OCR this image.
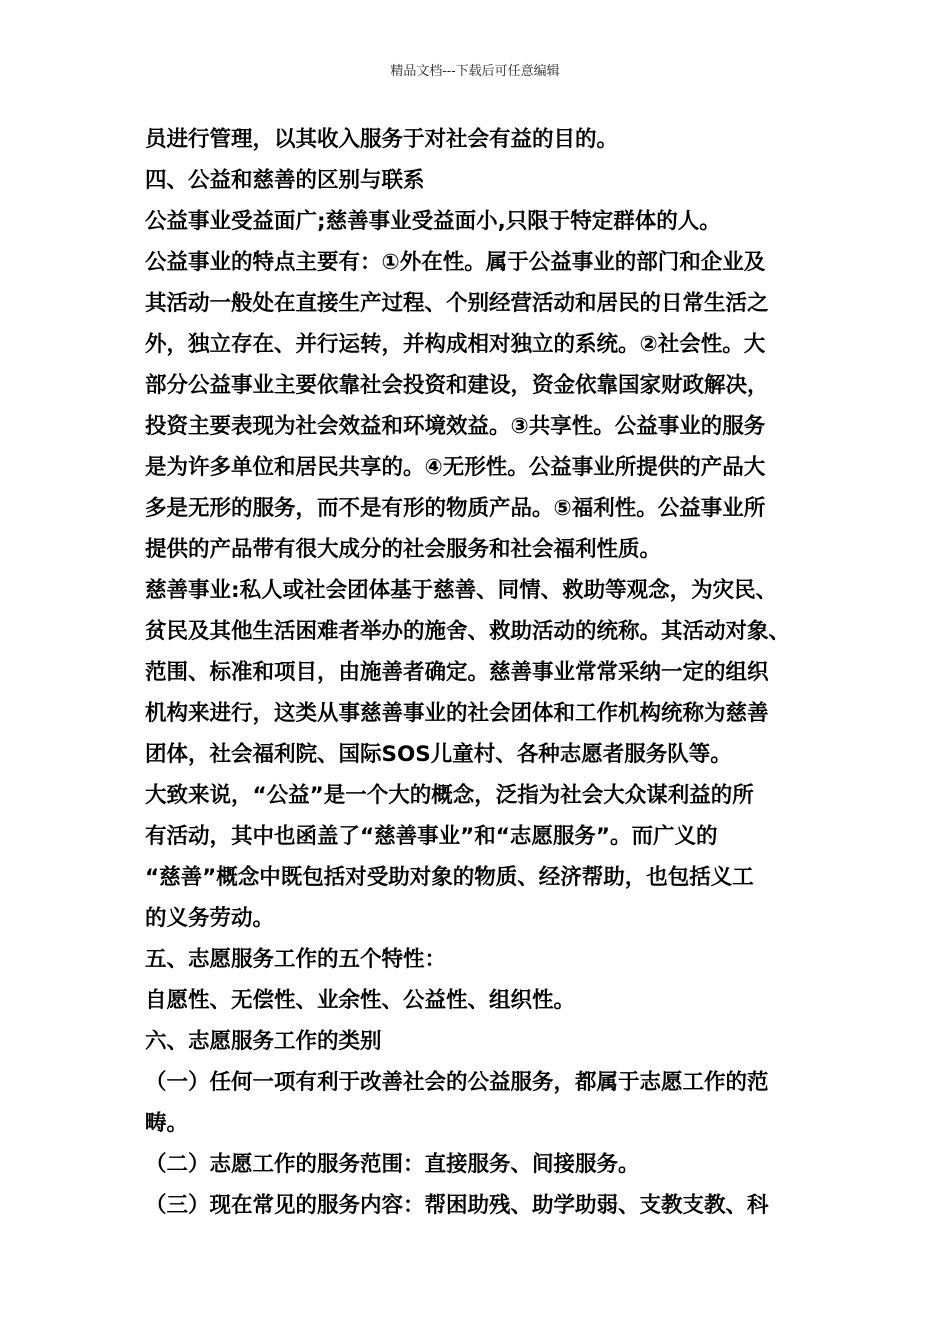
精品文档---下载后可任意编辑
员进行管理，以其收入服务于对社会有益的目的。
四、公益和慈善的区别与联系
公益事业受益面广;慈善事业受益面小,只限于特定群体的人。
公益事业的特点主要有：①外在性。属于公益事业的部门和企业及
其活动一般处在直接生产过程、个别经营活动和居民的日常生活之
外，独立存在、并行运转，并构成相对独立的系统。②社会性。大
部分公益事业主要依靠社会投资和建设，资金依靠国家财政解决，
投资主要表现为社会效益和环境效益。③共享性。公益事业的服务
是为许多单位和居民共享的。④无形性。公益事业所提供的产品大
多是无形的服务，而不是有形的物质产品。⑤福利性。公益事业所
提供的产品带有很大成分的社会服务和社会福利性质。
慈善事业:私人或社会团体基于慈善、同情、救助等观念，为灾民、
贫民及其他生活困难者举办的施舍、救助活动的统称。其活动对象、
范围、标准和项目，由施善者确定。慈善事业常常采纳一定的组织
机构来进行，这类从事慈善事业的社会团体和工作机构统称为慈善
团体，社会福利院、国际SOS儿童村、各种志愿者服务队等。
大致来说，“公益”是一个大的概念，泛指为社会大众谋利益的所
有活动，其中也函盖了“慈善事业”和“志愿服务”。而广义的
“慈善”概念中既包括对受助对象的物质、经济帮助，也包括义工
的义务劳动。
五、志愿服务工作的五个特性：
自愿性、无偿性、业余性、公益性、组织性。
六、志愿服务工作的类别
（一）任何一项有利于改善社会的公益服务，都属于志愿工作的范
畴。
（二）志愿工作的服务范围：直接服务、间接服务。
（三）现在常见的服务内容：帮困助残、助学助弱、支教支教、科
